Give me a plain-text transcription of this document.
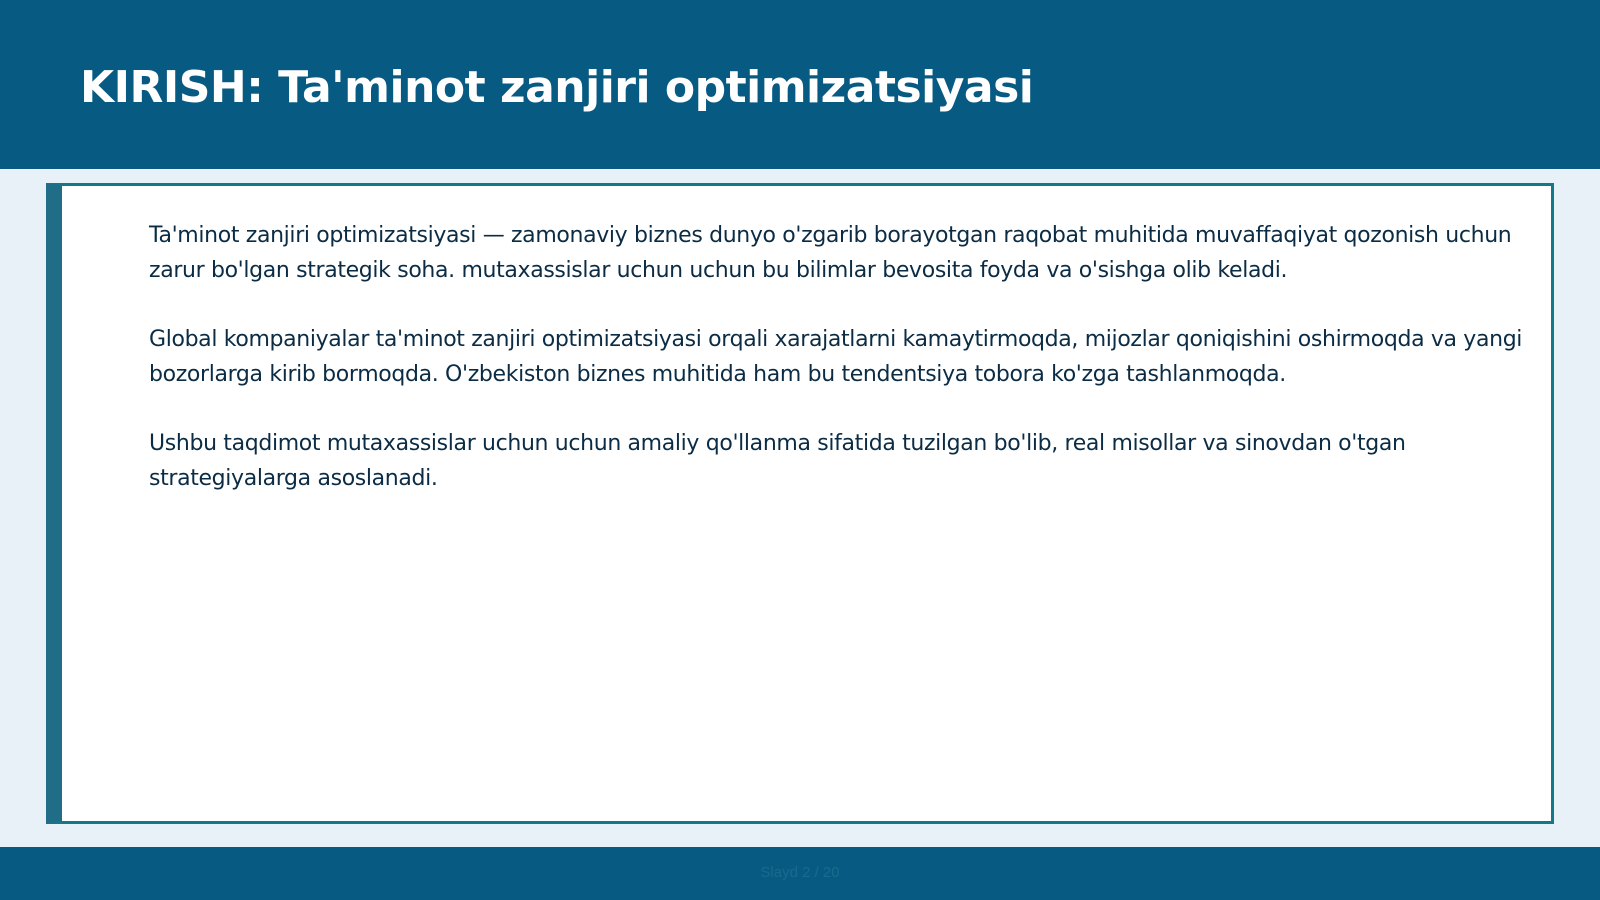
KIRISH: Ta'minot zanjiri optimizatsiyasi

Ta'minot zanjiri optimizatsiyasi — zamonaviy biznes dunyo o'zgarib borayotgan raqobat muhitida muvaffaqiyat qozonish uchun zarur bo'lgan strategik soha. mutaxassislar uchun uchun bu bilimlar bevosita foyda va o'sishga olib keladi.

Global kompaniyalar ta'minot zanjiri optimizatsiyasi orqali xarajatlarni kamaytirmoqda, mijozlar qoniqishini oshirmoqda va yangi bozorlarga kirib bormoqda. O'zbekiston biznes muhitida ham bu tendentsiya tobora ko'zga tashlanmoqda.

Ushbu taqdimot mutaxassislar uchun uchun amaliy qo'llanma sifatida tuzilgan bo'lib, real misollar va sinovdan o'tgan strategiyalarga asoslanadi.

Slayd 2 / 20
